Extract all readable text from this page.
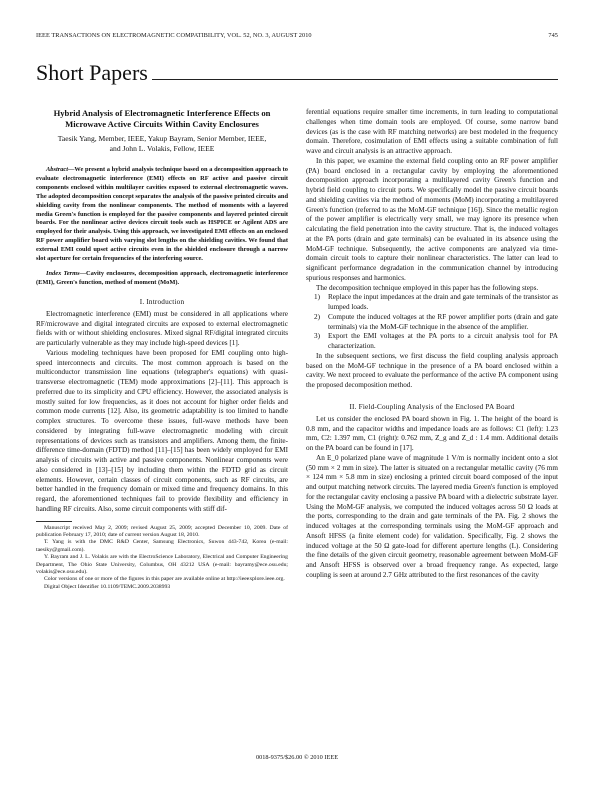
IEEE TRANSACTIONS ON ELECTROMAGNETIC COMPATIBILITY, VOL. 52, NO. 3, AUGUST 2010	745
Short Papers
Hybrid Analysis of Electromagnetic Interference Effects on Microwave Active Circuits Within Cavity Enclosures
Taesik Yang, Member, IEEE, Yakup Bayram, Senior Member, IEEE,
and John L. Volakis, Fellow, IEEE

Abstract—We present a hybrid analysis technique based on a decomposition approach to evaluate electromagnetic interference (EMI) effects on RF active and passive circuit components enclosed within multilayer cavities exposed to external electromagnetic waves. The adopted decomposition concept separates the analysis of the passive printed circuits and shielding cavity from the nonlinear components. The method of moments with a layered media Green's function is employed for the passive components and layered printed circuit boards. For the nonlinear active devices circuit tools such as HSPICE or Agilent ADS are employed for their analysis. Using this approach, we investigated EMI effects on an enclosed RF power amplifier board with varying slot lengths on the shielding cavities. We found that external EMI could upset active circuits even in the shielded enclosure through a narrow slot aperture for certain frequencies of the interfering source.

Index Terms—Cavity enclosures, decomposition approach, electromagnetic interference (EMI), Green's function, method of moment (MoM).

I. Introduction

Electromagnetic interference (EMI) must be considered in all applications where RF/microwave and digital integrated circuits are exposed to external electromagnetic fields with or without shielding enclosures. Mixed signal RF/digital integrated circuits are particularly vulnerable as they may include high-speed devices [1].

Various modeling techniques have been proposed for EMI coupling onto high-speed interconnects and circuits. The most common approach is based on the multiconductor transmission line equations (telegrapher's equations) with quasi-transverse electromagnetic (TEM) mode approximations [2]–[11]. This approach is preferred due to its simplicity and CPU efficiency. However, the associated analysis is mostly suited for low frequencies, as it does not account for higher order fields and common mode currents [12]. Also, its geometric adaptability is too limited to handle complex structures. To overcome these issues, full-wave methods have been considered by integrating full-wave electromagnetic modeling with circuit representations of devices such as transistors and amplifiers. Among them, the finite-difference time-domain (FDTD) method [11]–[15] has been widely employed for EMI analysis of circuits with active and passive components. Nonlinear components were also considered in [13]–[15] by including them within the FDTD grid as circuit elements. However, certain classes of circuit components, such as RF circuits, are better handled in the frequency domain or mixed time and frequency domains. In this regard, the aforementioned techniques fail to provide flexibility and efficiency in handling RF circuits. Also, some circuit components with stiff dif-

Manuscript received May 2, 2009; revised August 25, 2009; accepted December 10, 2009. Date of publication February 17, 2010; date of current version August 18, 2010.

T. Yang is with the DMC R&D Center, Samsung Electronics, Suwon 443-742, Korea (e-mail: taesiky@gmail.com).

Y. Bayram and J. L. Volakis are with the ElectroScience Laboratory, Electrical and Computer Engineering Department, The Ohio State University, Columbus, OH 43212 USA (e-mail: bayramy@ece.osu.edu; volakis@ece.osu.edu).

Color versions of one or more of the figures in this paper are available online at http://ieeexplore.ieee.org.

Digital Object Identifier 10.1109/TEMC.2009.2038993

ferential equations require smaller time increments, in turn leading to computational challenges when time domain tools are employed. Of course, some narrow band devices (as is the case with RF matching networks) are best modeled in the frequency domain. Therefore, cosimulation of EMI effects using a suitable combination of full wave and circuit analysis is an attractive approach.

In this paper, we examine the external field coupling onto an RF power amplifier (PA) board enclosed in a rectangular cavity by employing the aforementioned decomposition approach incorporating a multilayered cavity Green's function and hybrid field coupling to circuit ports. We specifically model the passive circuit boards and shielding cavities via the method of moments (MoM) incorporating a multilayered Green's function (referred to as the MoM-GF technique [16]). Since the metallic region of the power amplifier is electrically very small, we may ignore its presence when calculating the field penetration into the cavity structure. That is, the induced voltages at the PA ports (drain and gate terminals) can be evaluated in its absence using the MoM-GF technique. Subsequently, the active components are analyzed via time-domain circuit tools to capture their nonlinear characteristics. The latter can lead to significant performance degradation in the communication channel by introducing spurious responses and harmonics.

The decomposition technique employed in this paper has the following steps.

1) Replace the input impedances at the drain and gate terminals of the transistor as lumped loads.
2) Compute the induced voltages at the RF power amplifier ports (drain and gate terminals) via the MoM-GF technique in the absence of the amplifier.
3) Export the EMI voltages at the PA ports to a circuit analysis tool for PA characterization.

In the subsequent sections, we first discuss the field coupling analysis approach based on the MoM-GF technique in the presence of a PA board enclosed within a cavity. We next proceed to evaluate the performance of the active PA component using the proposed decomposition method.

II. Field-Coupling Analysis of the Enclosed PA Board

Let us consider the enclosed PA board shown in Fig. 1. The height of the board is 0.8 mm, and the capacitor widths and impedance loads are as follows: C1 (left): 1.23 mm, C2: 1.397 mm, C1 (right): 0.762 mm, Z_g and Z_d : 1.4 mm. Additional details on the PA board can be found in [17].

An E_0 polarized plane wave of magnitude 1 V/m is normally incident onto a slot (50 mm × 2 mm in size). The latter is situated on a rectangular metallic cavity (76 mm × 124 mm × 5.8 mm in size) enclosing a printed circuit board composed of the input and output matching network circuits. The layered media Green's function is employed for the rectangular cavity enclosing a passive PA board with a dielectric substrate layer. Using the MoM-GF analysis, we computed the induced voltages across 50 Ω loads at the ports, corresponding to the drain and gate terminals of the PA. Fig. 2 shows the induced voltages at the corresponding terminals using the MoM-GF approach and Ansoft HFSS (a finite element code) for validation. Specifically, Fig. 2 shows the induced voltage at the 50 Ω gate-load for different aperture lengths (L). Considering the fine details of the given circuit geometry, reasonable agreement between MoM-GF and Ansoft HFSS is observed over a broad frequency range. As expected, large coupling is seen at around 2.7 GHz attributed to the first resonances of the cavity

0018-9375/$26.00 © 2010 IEEE
